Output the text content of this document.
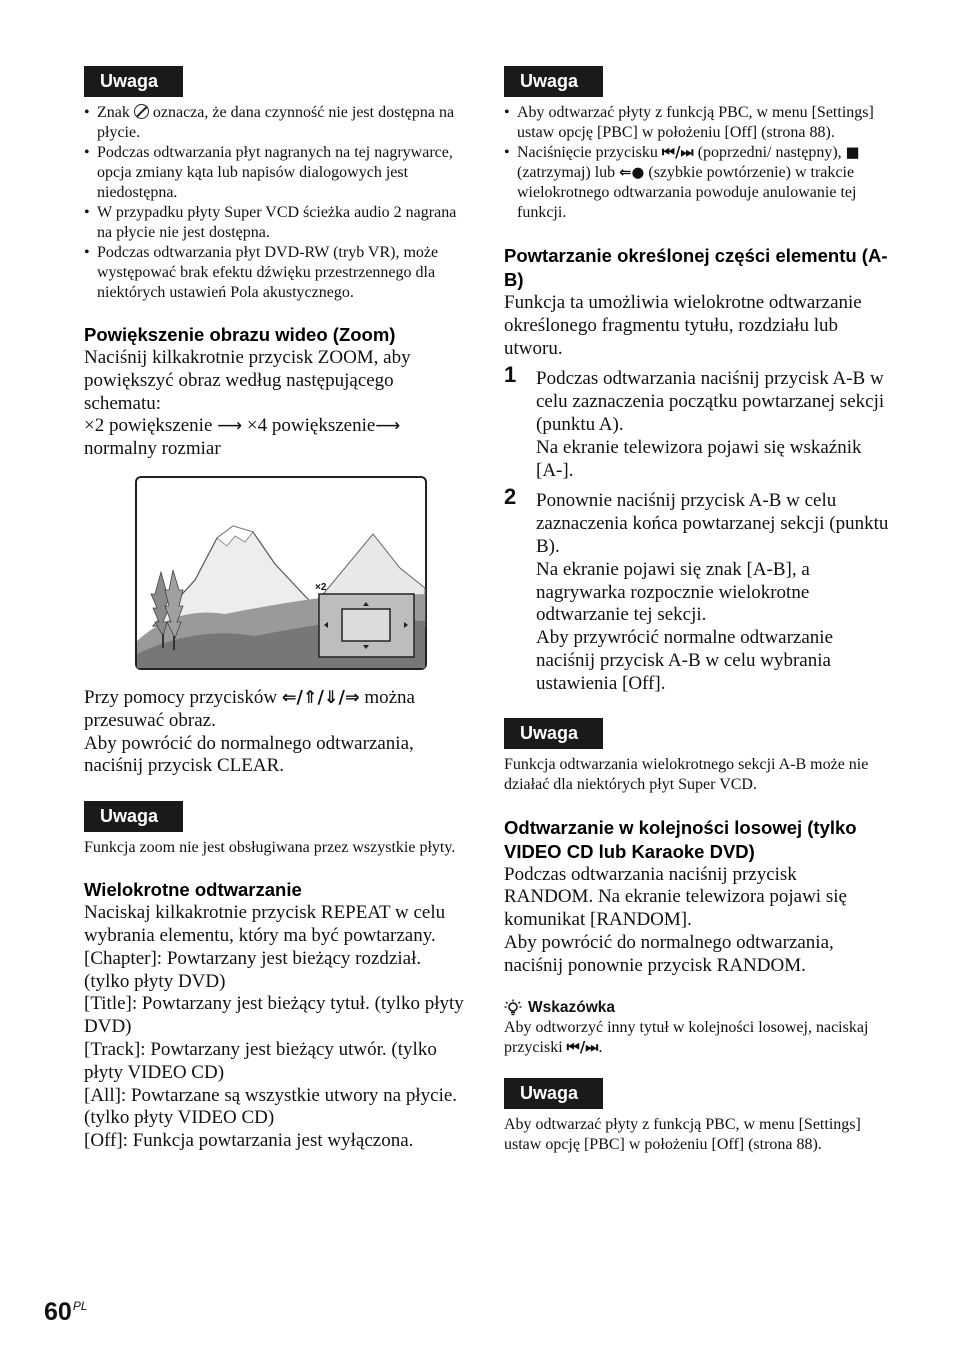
Uwaga
• Znak oznacza, że dana czynność nie jest dostępna na płycie.
• Podczas odtwarzania płyt nagranych na tej nagrywarce, opcja zmiany kąta lub napisów dialogowych jest niedostępna.
• W przypadku płyty Super VCD ścieżka audio 2 nagrana na płycie nie jest dostępna.
• Podczas odtwarzania płyt DVD-RW (tryb VR), może występować brak efektu dźwięku przestrzennego dla niektórych ustawień Pola akustycznego.
Powiększenie obrazu wideo (Zoom)

Naciśnij kilkakrotnie przycisk ZOOM, aby powiększyć obraz według następującego schematu:

×2 powiększenie ⟶ ×4 powiększenie⟶ normalny rozmiar

×2

Przy pomocy przycisków ⇐/⇑/⇓/⇒ można przesuwać obraz.

Aby powrócić do normalnego odtwarzania, naciśnij przycisk CLEAR.

Uwaga
Funkcja zoom nie jest obsługiwana przez wszystkie płyty.
Wielokrotne odtwarzanie

Naciskaj kilkakrotnie przycisk REPEAT w celu wybrania elementu, który ma być powtarzany.

[Chapter]: Powtarzany jest bieżący rozdział. (tylko płyty DVD)

[Title]: Powtarzany jest bieżący tytuł. (tylko płyty DVD)

[Track]: Powtarzany jest bieżący utwór. (tylko płyty VIDEO CD)

[All]: Powtarzane są wszystkie utwory na płycie. (tylko płyty VIDEO CD)

[Off]: Funkcja powtarzania jest wyłączona.

Uwaga
• Aby odtwarzać płyty z funkcją PBC, w menu [Settings] ustaw opcję [PBC] w położeniu [Off] (strona 88).
• Naciśnięcie przycisku ⏮/⏭ (poprzedni/ następny), ■ (zatrzymaj) lub ⇐● (szybkie powtórzenie) w trakcie wielokrotnego odtwarzania powoduje anulowanie tej funkcji.
Powtarzanie określonej części elementu (A-B)

Funkcja ta umożliwia wielokrotne odtwarzanie określonego fragmentu tytułu, rozdziału lub utworu.

1 Podczas odtwarzania naciśnij przycisk A-B w celu zaznaczenia początku powtarzanej sekcji (punktu A).

Na ekranie telewizora pojawi się wskaźnik [A-].

2 Ponownie naciśnij przycisk A-B w celu zaznaczenia końca powtarzanej sekcji (punktu B).

Na ekranie pojawi się znak [A-B], a nagrywarka rozpocznie wielokrotne odtwarzanie tej sekcji.

Aby przywrócić normalne odtwarzanie naciśnij przycisk A-B w celu wybrania ustawienia [Off].

Uwaga
Funkcja odtwarzania wielokrotnego sekcji A-B może nie działać dla niektórych płyt Super VCD.
Odtwarzanie w kolejności losowej (tylko VIDEO CD lub Karaoke DVD)

Podczas odtwarzania naciśnij przycisk RANDOM. Na ekranie telewizora pojawi się komunikat [RANDOM].

Aby powrócić do normalnego odtwarzania, naciśnij ponownie przycisk RANDOM.

Wskazówka
Aby odtworzyć inny tytuł w kolejności losowej, naciskaj przyciski ⏮/⏭.
Uwaga
Aby odtwarzać płyty z funkcją PBC, w menu [Settings] ustaw opcję [PBC] w położeniu [Off] (strona 88).
$60^{PL}$
